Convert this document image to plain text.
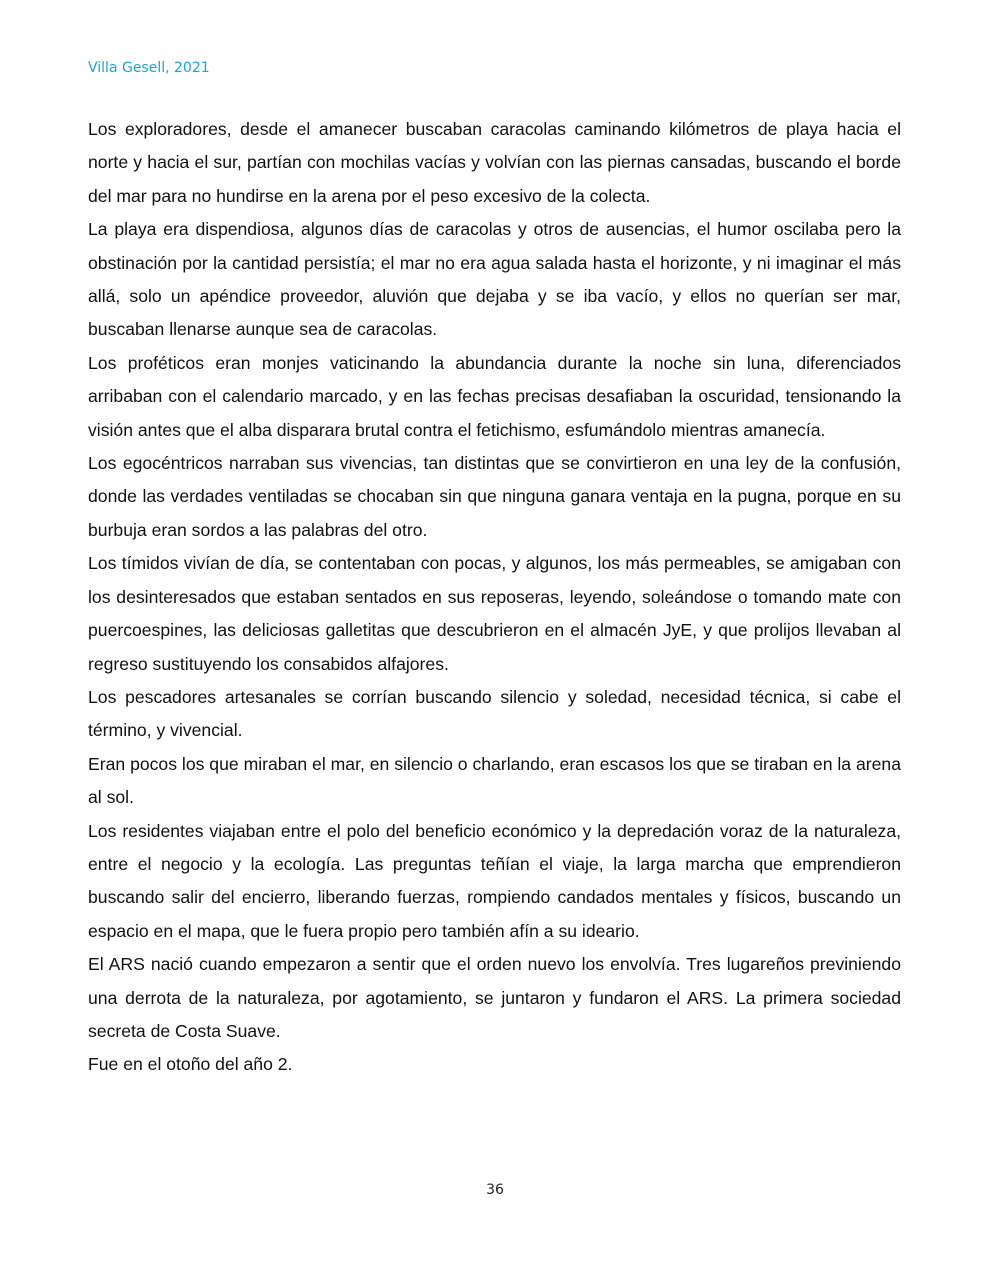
Villa Gesell, 2021

Los exploradores, desde el amanecer buscaban caracolas caminando kilómetros de playa hacia el norte y hacia el sur, partían con mochilas vacías y volvían con las piernas cansadas, buscando el borde del mar para no hundirse en la arena por el peso excesivo de la colecta.

La playa era dispendiosa, algunos días de caracolas y otros de ausencias, el humor oscilaba pero la obstinación por la cantidad persistía; el mar no era agua salada hasta el horizonte, y ni imaginar el más allá, solo un apéndice proveedor, aluvión que dejaba y se iba vacío, y ellos no querían ser mar, buscaban llenarse aunque sea de caracolas.

Los proféticos eran monjes vaticinando la abundancia durante la noche sin luna, diferenciados arribaban con el calendario marcado, y en las fechas precisas desafiaban la oscuridad, tensionando la visión antes que el alba disparara brutal contra el fetichismo, esfumándolo mientras amanecía.

Los egocéntricos narraban sus vivencias, tan distintas que se convirtieron en una ley de la confusión, donde las verdades ventiladas se chocaban sin que ninguna ganara ventaja en la pugna, porque en su burbuja eran sordos a las palabras del otro.

Los tímidos vivían de día, se contentaban con pocas, y algunos, los más permeables, se amigaban con los desinteresados que estaban sentados en sus reposeras, leyendo, soleándose o tomando mate con puercoespines, las deliciosas galletitas que descubrieron en el almacén JyE, y que prolijos llevaban al regreso sustituyendo los consabidos alfajores.

Los pescadores artesanales se corrían buscando silencio y soledad, necesidad técnica, si cabe el término, y vivencial.

Eran pocos los que miraban el mar, en silencio o charlando, eran escasos los que se tiraban en la arena al sol.

Los residentes viajaban entre el polo del beneficio económico y la depredación voraz de la naturaleza, entre el negocio y la ecología. Las preguntas teñían el viaje, la larga marcha que emprendieron buscando salir del encierro, liberando fuerzas, rompiendo candados mentales y físicos, buscando un espacio en el mapa, que le fuera propio pero también afín a su ideario.

El ARS nació cuando empezaron a sentir que el orden nuevo los envolvía. Tres lugareños previniendo una derrota de la naturaleza, por agotamiento, se juntaron y fundaron el ARS. La primera sociedad secreta de Costa Suave.

Fue en el otoño del año 2.

36
